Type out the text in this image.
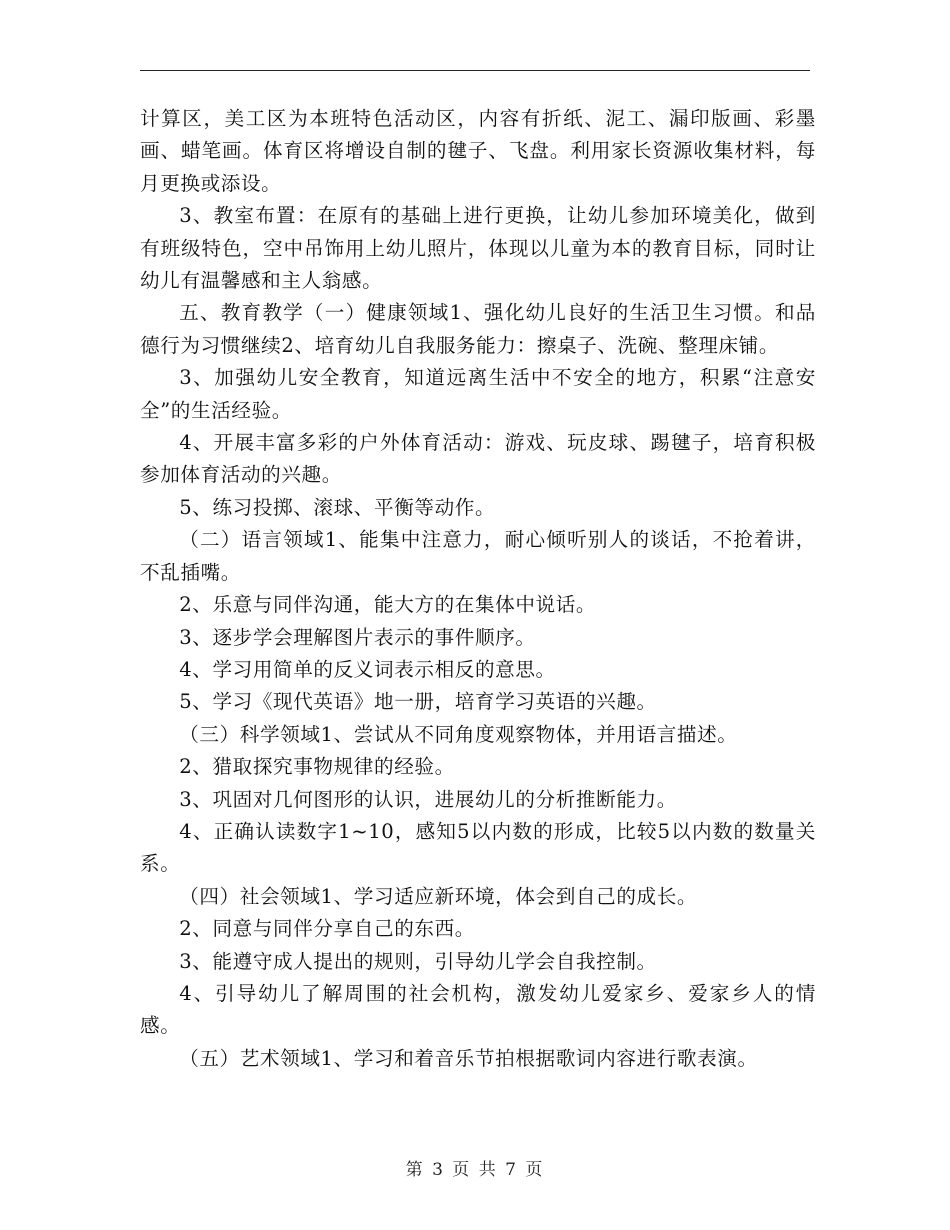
计算区，美工区为本班特色活动区，内容有折纸、泥工、漏印版画、彩墨画、蜡笔画。体育区将增设自制的毽子、飞盘。利用家长资源收集材料，每月更换或添设。

3、教室布置：在原有的基础上进行更换，让幼儿参加环境美化，做到有班级特色，空中吊饰用上幼儿照片，体现以儿童为本的教育目标，同时让幼儿有温馨感和主人翁感。

五、教育教学（一）健康领域1、强化幼儿良好的生活卫生习惯。和品德行为习惯继续2、培育幼儿自我服务能力：擦桌子、洗碗、整理床铺。

3、加强幼儿安全教育，知道远离生活中不安全的地方，积累“注意安全”的生活经验。

4、开展丰富多彩的户外体育活动：游戏、玩皮球、踢毽子，培育积极参加体育活动的兴趣。

5、练习投掷、滚球、平衡等动作。

（二）语言领域1、能集中注意力，耐心倾听别人的谈话，不抢着讲，不乱插嘴。

2、乐意与同伴沟通，能大方的在集体中说话。

3、逐步学会理解图片表示的事件顺序。

4、学习用简单的反义词表示相反的意思。

5、学习《现代英语》地一册，培育学习英语的兴趣。

（三）科学领域1、尝试从不同角度观察物体，并用语言描述。

2、猎取探究事物规律的经验。

3、巩固对几何图形的认识，进展幼儿的分析推断能力。

4、正确认读数字1~10，感知5以内数的形成，比较5以内数的数量关系。

（四）社会领域1、学习适应新环境，体会到自己的成长。

2、同意与同伴分享自己的东西。

3、能遵守成人提出的规则，引导幼儿学会自我控制。

4、引导幼儿了解周围的社会机构，激发幼儿爱家乡、爱家乡人的情感。

（五）艺术领域1、学习和着音乐节拍根据歌词内容进行歌表演。

第 3 页 共 7 页
